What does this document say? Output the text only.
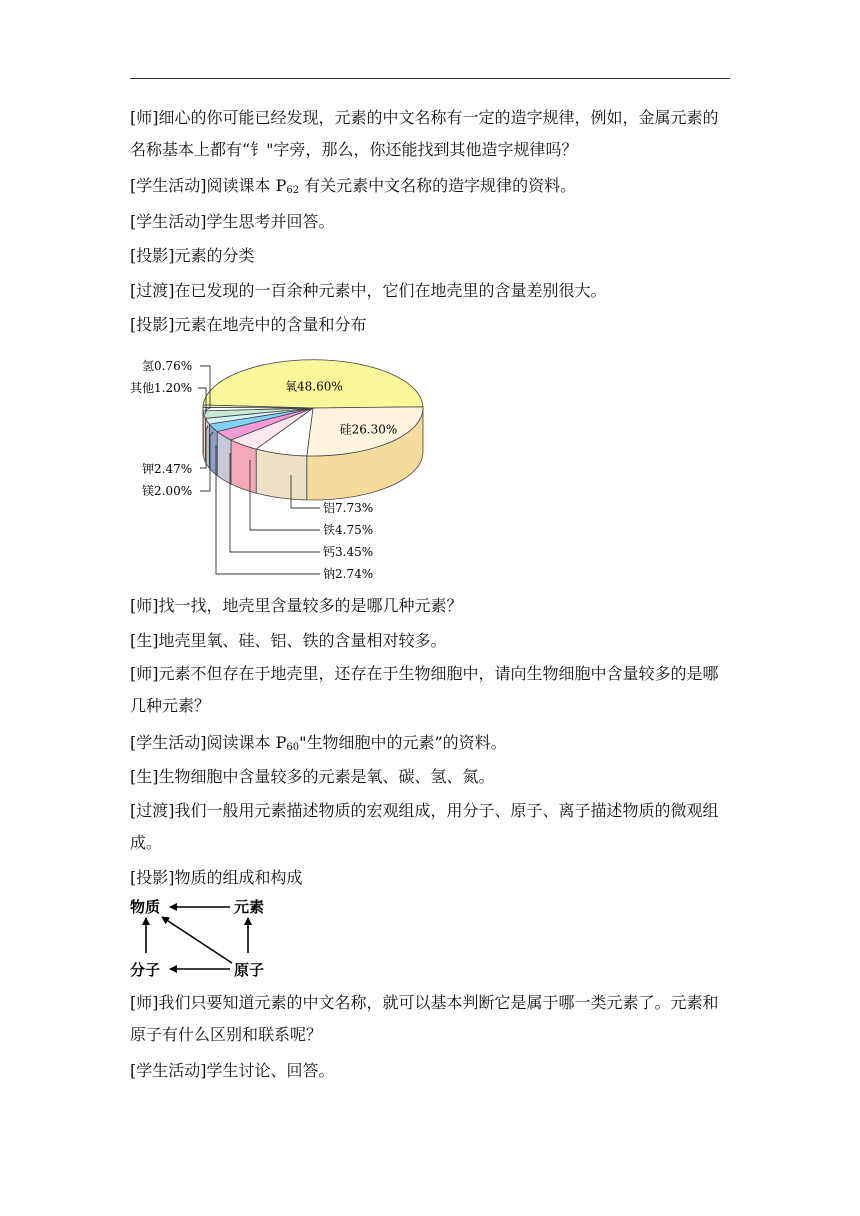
[师]细心的你可能已经发现，元素的中文名称有一定的造字规律，例如，金属元素的名称基本上都有“钅"字旁，那么，你还能找到其他造字规律吗？

[学生活动]阅读课本 $P_{62}$ 有关元素中文名称的造字规律的资料。

[学生活动]学生思考并回答。

[投影]元素的分类

[过渡]在已发现的一百余种元素中，它们在地壳里的含量差别很大。

[投影]元素在地壳中的含量和分布

氧48.60%
硅26.30%
氢0.76%
其他1.20%
钾2.47%
镁2.00%
铝7.73%
铁4.75%
钙3.45%
钠2.74%

[师]找一找，地壳里含量较多的是哪几种元素？

[生]地壳里氧、硅、铝、铁的含量相对较多。

[师]元素不但存在于地壳里，还存在于生物细胞中，请向生物细胞中含量较多的是哪几种元素？

[学生活动]阅读课本 $P_{60}$"生物细胞中的元素”的资料。

[生]生物细胞中含量较多的元素是氧、碳、氢、氮。

[过渡]我们一般用元素描述物质的宏观组成，用分子、原子、离子描述物质的微观组成。

[投影]物质的组成和构成

物质	元素
分子	原子

[师]我们只要知道元素的中文名称，就可以基本判断它是属于哪一类元素了。元素和原子有什么区别和联系呢？

[学生活动]学生讨论、回答。
